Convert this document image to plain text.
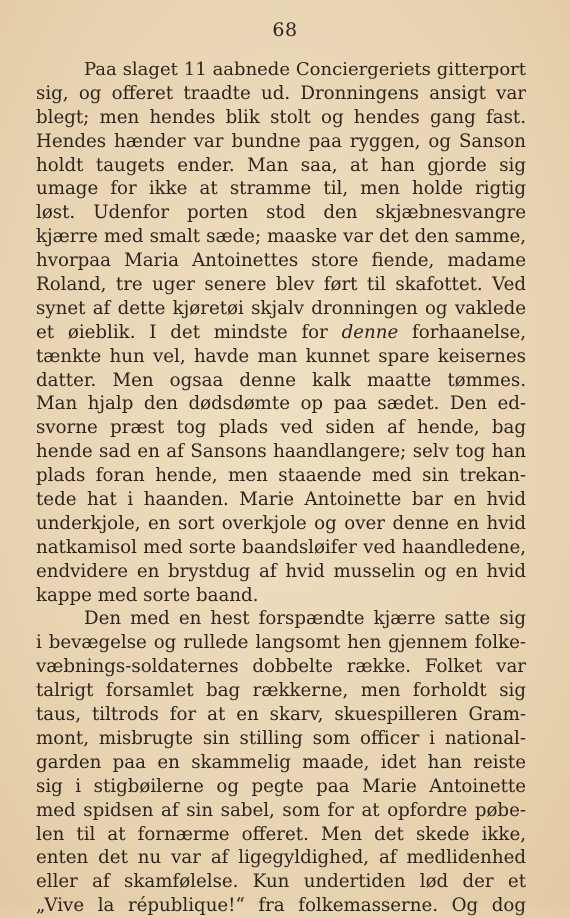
68
Paa slaget 11 aabnede Conciergeriets gitterport
sig, og offeret traadte ud. Dronningens ansigt var
blegt; men hendes blik stolt og hendes gang fast.
Hendes hænder var bundne paa ryggen, og Sanson
holdt taugets ender. Man saa, at han gjorde sig
umage for ikke at stramme til, men holde rigtig
løst. Udenfor porten stod den skjæbnesvangre
kjærre med smalt sæde; maaske var det den samme,
hvorpaa Maria Antoinettes store fiende, madame
Roland, tre uger senere blev ført til skafottet. Ved
synet af dette kjøretøi skjalv dronningen og vaklede
et øieblik. I det mindste for denne forhaanelse,
tænkte hun vel, havde man kunnet spare keisernes
datter. Men ogsaa denne kalk maatte tømmes.
Man hjalp den dødsdømte op paa sædet. Den ed-
svorne præst tog plads ved siden af hende, bag
hende sad en af Sansons haandlangere; selv tog han
plads foran hende, men staaende med sin trekan-
tede hat i haanden. Marie Antoinette bar en hvid
underkjole, en sort overkjole og over denne en hvid
natkamisol med sorte baandsløifer ved haandledene,
endvidere en brystdug af hvid musselin og en hvid
kappe med sorte baand.
Den med en hest forspændte kjærre satte sig
i bevægelse og rullede langsomt hen gjennem folke-
væbnings-soldaternes dobbelte række. Folket var
talrigt forsamlet bag rækkerne, men forholdt sig
taus, tiltrods for at en skarv, skuespilleren Gram-
mont, misbrugte sin stilling som officer i national-
garden paa en skammelig maade, idet han reiste
sig i stigbøilerne og pegte paa Marie Antoinette
med spidsen af sin sabel, som for at opfordre pøbe-
len til at fornærme offeret. Men det skede ikke,
enten det nu var af ligegyldighed, af medlidenhed
eller af skamfølelse. Kun undertiden lød der et
„Vive la république!“ fra folkemasserne. Og dog
